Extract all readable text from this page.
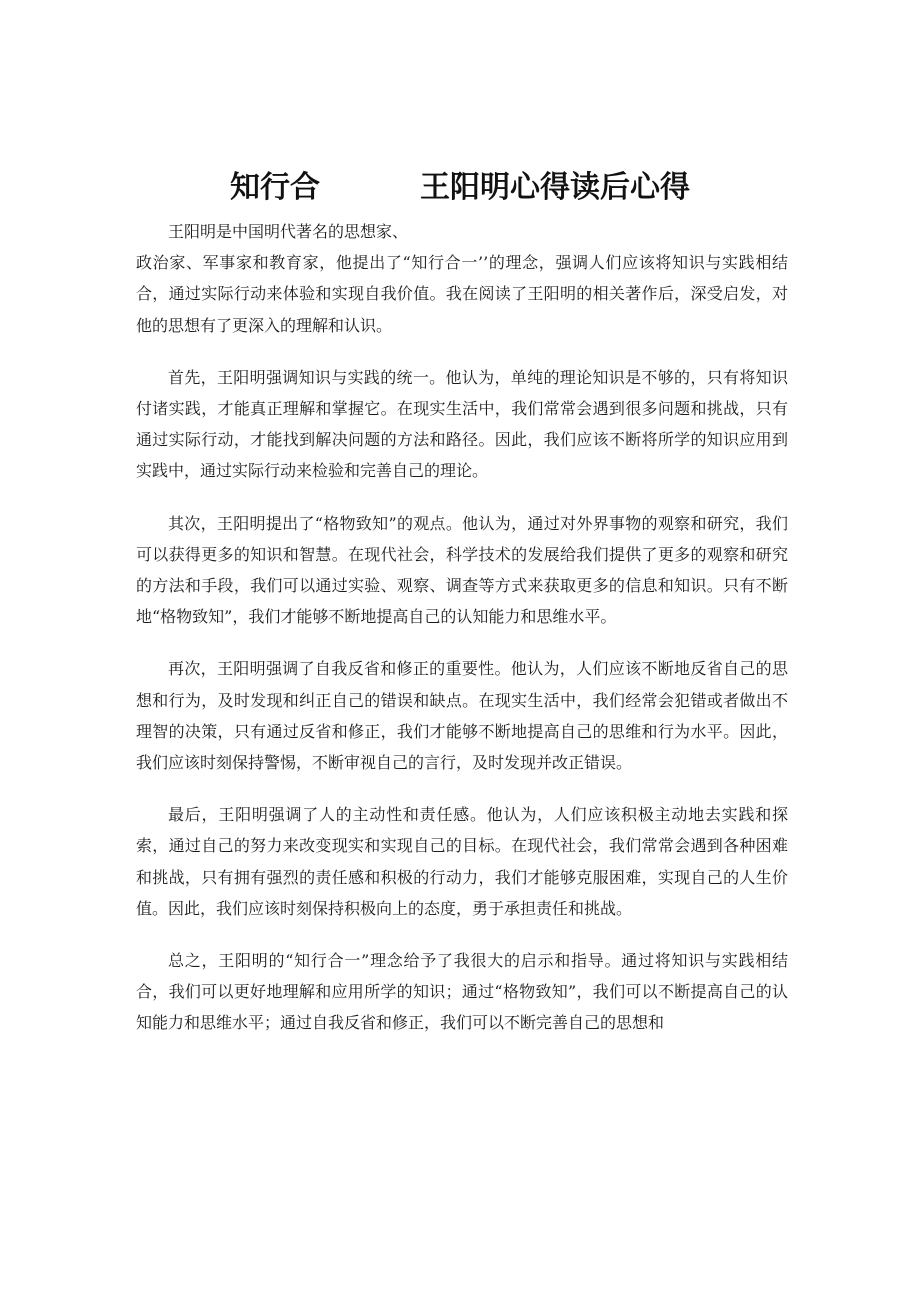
知行合	王阳明心得读后心得

王阳明是中国明代著名的思想家、

政治家、军事家和教育家，他提出了“知行合一’’的理念，强调人们应该将知识与实践相结合，通过实际行动来体验和实现自我价值。我在阅读了王阳明的相关著作后，深受启发，对他的思想有了更深入的理解和认识。

首先，王阳明强调知识与实践的统一。他认为，单纯的理论知识是不够的，只有将知识付诸实践，才能真正理解和掌握它。在现实生活中，我们常常会遇到很多问题和挑战，只有通过实际行动，才能找到解决问题的方法和路径。因此，我们应该不断将所学的知识应用到实践中，通过实际行动来检验和完善自己的理论。

其次，王阳明提出了“格物致知”的观点。他认为，通过对外界事物的观察和研究，我们可以获得更多的知识和智慧。在现代社会，科学技术的发展给我们提供了更多的观察和研究的方法和手段，我们可以通过实验、观察、调查等方式来获取更多的信息和知识。只有不断地“格物致知”，我们才能够不断地提高自己的认知能力和思维水平。

再次，王阳明强调了自我反省和修正的重要性。他认为，人们应该不断地反省自己的思想和行为，及时发现和纠正自己的错误和缺点。在现实生活中，我们经常会犯错或者做出不理智的决策，只有通过反省和修正，我们才能够不断地提高自己的思维和行为水平。因此，我们应该时刻保持警惕，不断审视自己的言行，及时发现并改正错误。

最后，王阳明强调了人的主动性和责任感。他认为，人们应该积极主动地去实践和探索，通过自己的努力来改变现实和实现自己的目标。在现代社会，我们常常会遇到各种困难和挑战，只有拥有强烈的责任感和积极的行动力，我们才能够克服困难，实现自己的人生价值。因此，我们应该时刻保持积极向上的态度，勇于承担责任和挑战。

总之，王阳明的“知行合一”理念给予了我很大的启示和指导。通过将知识与实践相结合，我们可以更好地理解和应用所学的知识；通过“格物致知”，我们可以不断提高自己的认知能力和思维水平；通过自我反省和修正，我们可以不断完善自己的思想和
